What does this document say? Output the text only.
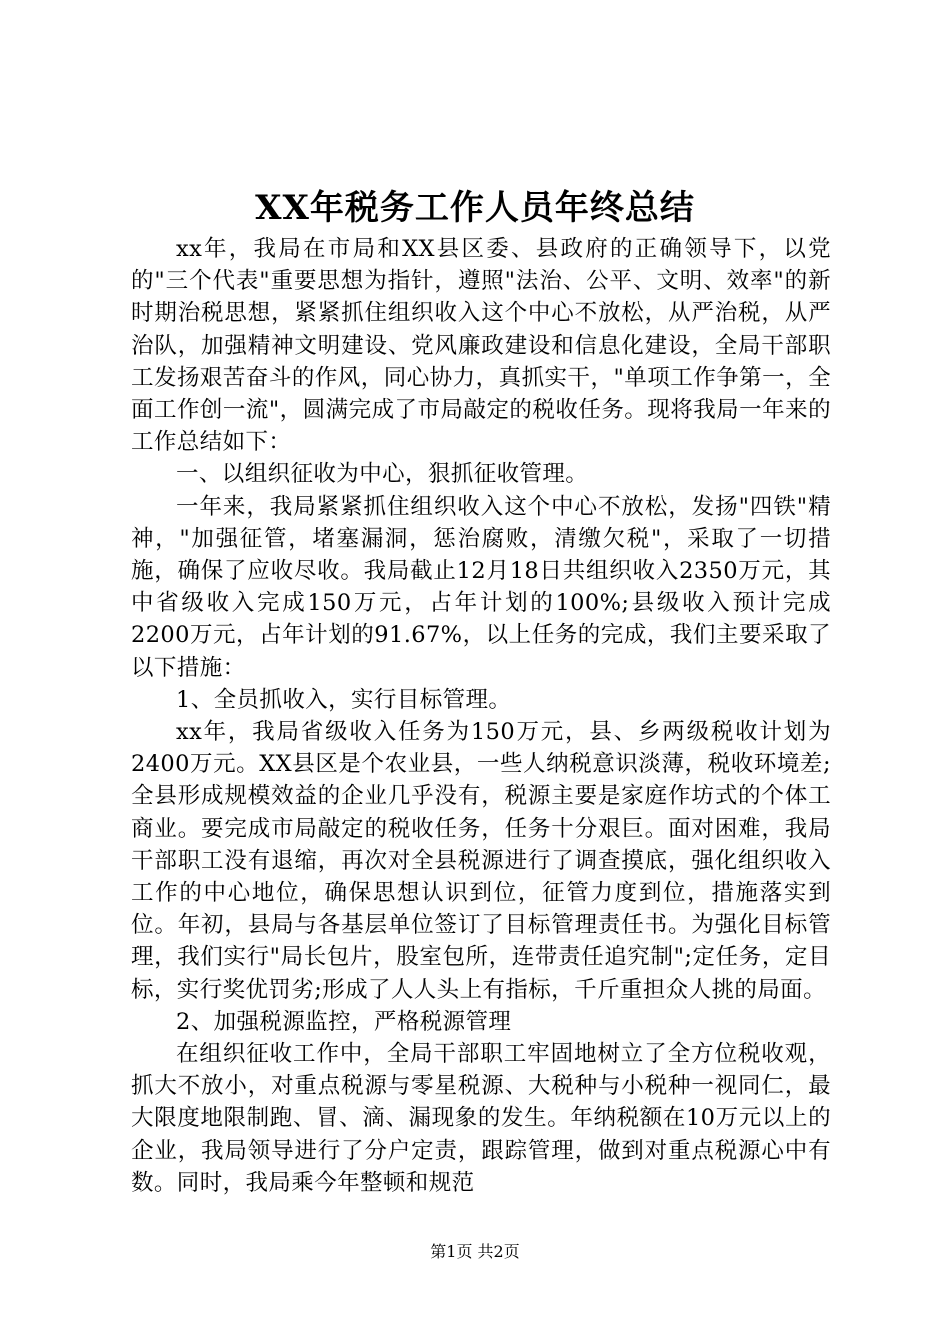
XX年税务工作人员年终总结

xx年，我局在市局和XX县区委、县政府的正确领导下，以党的"三个代表"重要思想为指针，遵照"法治、公平、文明、效率"的新时期治税思想，紧紧抓住组织收入这个中心不放松，从严治税，从严治队，加强精神文明建设、党风廉政建设和信息化建设，全局干部职工发扬艰苦奋斗的作风，同心协力，真抓实干，"单项工作争第一，全面工作创一流"，圆满完成了市局敲定的税收任务。现将我局一年来的工作总结如下：

一、以组织征收为中心，狠抓征收管理。

一年来，我局紧紧抓住组织收入这个中心不放松，发扬"四铁"精神，"加强征管，堵塞漏洞，惩治腐败，清缴欠税"，采取了一切措施，确保了应收尽收。我局截止12月18日共组织收入2350万元，其中省级收入完成150万元，占年计划的100%;县级收入预计完成2200万元，占年计划的91.67%，以上任务的完成，我们主要采取了以下措施：

1、全员抓收入，实行目标管理。

xx年，我局省级收入任务为150万元，县、乡两级税收计划为2400万元。XX县区是个农业县，一些人纳税意识淡薄，税收环境差;全县形成规模效益的企业几乎没有，税源主要是家庭作坊式的个体工商业。要完成市局敲定的税收任务，任务十分艰巨。面对困难，我局干部职工没有退缩，再次对全县税源进行了调查摸底，强化组织收入工作的中心地位，确保思想认识到位，征管力度到位，措施落实到位。年初，县局与各基层单位签订了目标管理责任书。为强化目标管理，我们实行"局长包片，股室包所，连带责任追究制";定任务，定目标，实行奖优罚劣;形成了人人头上有指标，千斤重担众人挑的局面。

2、加强税源监控，严格税源管理

在组织征收工作中，全局干部职工牢固地树立了全方位税收观，抓大不放小，对重点税源与零星税源、大税种与小税种一视同仁，最大限度地限制跑、冒、滴、漏现象的发生。年纳税额在10万元以上的企业，我局领导进行了分户定责，跟踪管理，做到对重点税源心中有数。同时，我局乘今年整顿和规范

第1页 共2页
